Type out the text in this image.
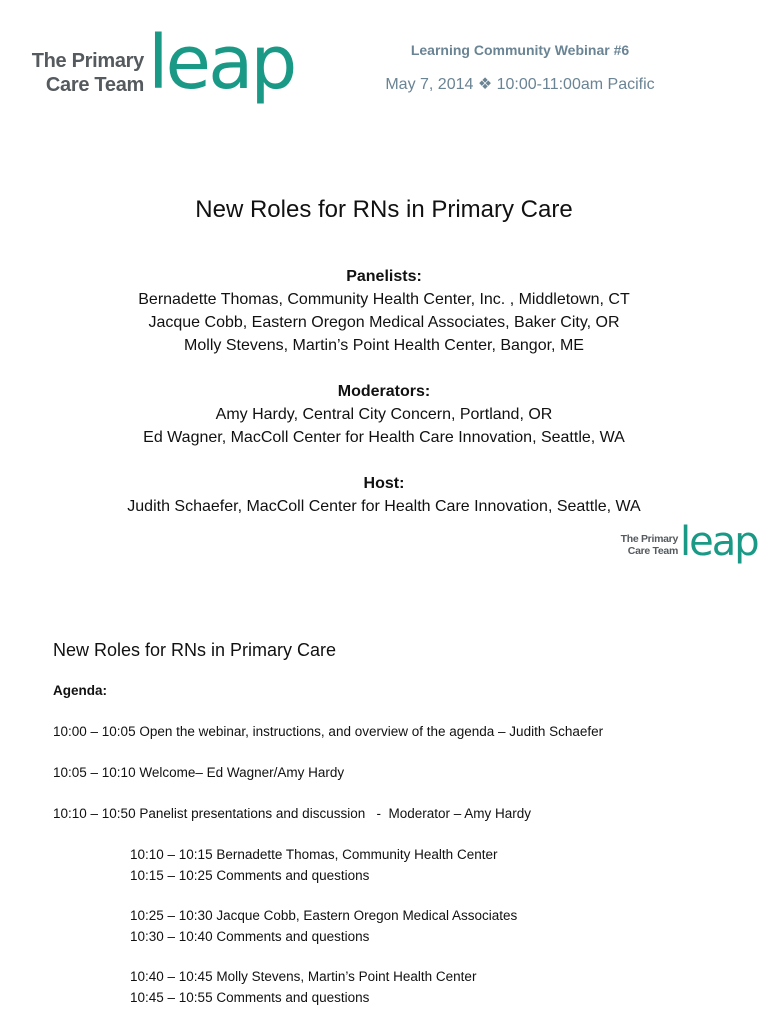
The Primary
Care Team leap	Learning Community Webinar #6
May 7, 2014 ❖ 10:00-11:00am Pacific
New Roles for RNs in Primary Care
Panelists:
Bernadette Thomas, Community Health Center, Inc. , Middletown, CT
Jacque Cobb, Eastern Oregon Medical Associates, Baker City, OR
Molly Stevens, Martin’s Point Health Center, Bangor, ME
Moderators:
Amy Hardy, Central City Concern, Portland, OR
Ed Wagner, MacColl Center for Health Care Innovation, Seattle, WA
Host:
Judith Schaefer, MacColl Center for Health Care Innovation, Seattle, WA
The Primary
Care Team leap
New Roles for RNs in Primary Care
Agenda:
10:00 – 10:05 Open the webinar, instructions, and overview of the agenda – Judith Schaefer
10:05 – 10:10 Welcome– Ed Wagner/Amy Hardy
10:10 – 10:50 Panelist presentations and discussion   -  Moderator – Amy Hardy
10:10 – 10:15 Bernadette Thomas, Community Health Center
10:15 – 10:25 Comments and questions
10:25 – 10:30 Jacque Cobb, Eastern Oregon Medical Associates
10:30 – 10:40 Comments and questions
10:40 – 10:45 Molly Stevens, Martin’s Point Health Center
10:45 – 10:55 Comments and questions
